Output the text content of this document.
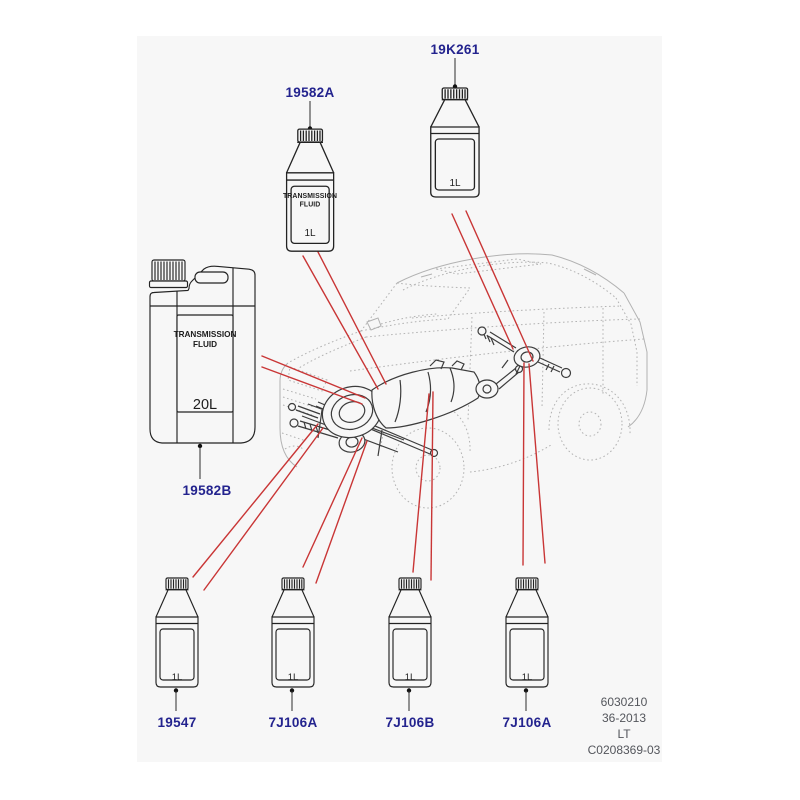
19582A
TRANSMISSION
FLUID
1L
19K261
1L
TRANSMISSION
FLUID
20L
19582B
1L
19547
1L
7J106A
1L
7J106B
1L
7J106A
6030210
36-2013
LT
C0208369-03
